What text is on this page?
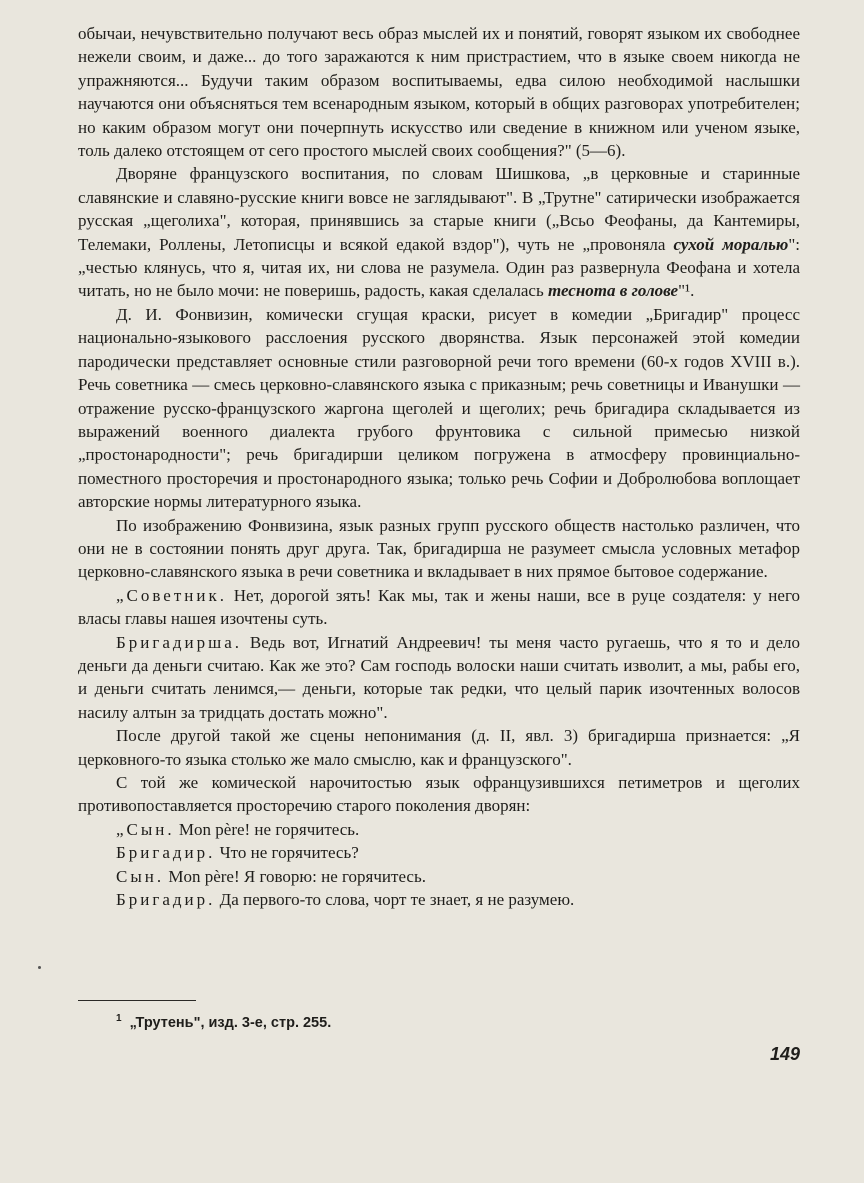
обычаи, нечувствительно получают весь образ мыслей их и понятий, говорят языком их свободнее нежели своим, и даже... до того заражаются к ним пристрастием, что в языке своем никогда не упражняются... Будучи таким образом воспитываемы, едва силою необходимой наслышки научаются они объясняться тем всенародным языком, который в общих разговорах употребителен; но каким образом могут они почерпнуть искусство или сведение в книжном или ученом языке, толь далеко отстоящем от сего простого мыслей своих сообщения?" (5—6).

Дворяне французского воспитания, по словам Шишкова, „в церковные и старинные славянские и славяно-русские книги вовсе не заглядывают". В „Трутне" сатирически изображается русская „щеголиха", которая, принявшись за старые книги („Всьо Феофаны, да Кантемиры, Телемаки, Роллены, Летописцы и всякой едакой вздор"), чуть не „провоняла сухой моралью": „честью клянусь, что я, читая их, ни слова не разумела. Один раз развернула Феофана и хотела читать, но не было мочи: не поверишь, радость, какая сделалась теснота в голове"¹.

Д. И. Фонвизин, комически сгущая краски, рисует в комедии „Бригадир" процесс национально-языкового расслоения русского дворянства. Язык персонажей этой комедии пародически представляет основные стили разговорной речи того времени (60-х годов XVIII в.). Речь советника — смесь церковно-славянского языка с приказным; речь советницы и Иванушки — отражение русско-французского жаргона щеголей и щеголих; речь бригадира складывается из выражений военного диалекта грубого фрунтовика с сильной примесью низкой „простонародности"; речь бригадирши целиком погружена в атмосферу провинциально-поместного просторечия и простонародного языка; только речь Софии и Добролюбова воплощает авторские нормы литературного языка.

По изображению Фонвизина, язык разных групп русского обществ настолько различен, что они не в состоянии понять друг друга. Так, бригадирша не разумеет смысла условных метафор церковно-славянского языка в речи советника и вкладывает в них прямое бытовое содержание.

„Советник. Нет, дорогой зять! Как мы, так и жены наши, все в руце создателя: у него власы главы нашея изочтены суть.

Бригадирша. Ведь вот, Игнатий Андреевич! ты меня часто ругаешь, что я то и дело деньги да деньги считаю. Как же это? Сам господь волоски наши считать изволит, а мы, рабы его, и деньги считать ленимся,— деньги, которые так редки, что целый парик изочтенных волосов насилу алтын за тридцать достать можно".

После другой такой же сцены непонимания (д. II, явл. 3) бригадирша признается: „Я церковного-то языка столько же мало смыслю, как и французского".

С той же комической нарочитостью язык офранцузившихся петиметров и щеголих противопоставляется просторечию старого поколения дворян:

„Сын. Mon père! не горячитесь.

Бригадир. Что не горячитесь?

Сын. Mon père! Я говорю: не горячитесь.

Бригадир. Да первого-то слова, чорт те знает, я не разумею.

$^1$ „Трутень", изд. 3-е, стр. 255.
149
